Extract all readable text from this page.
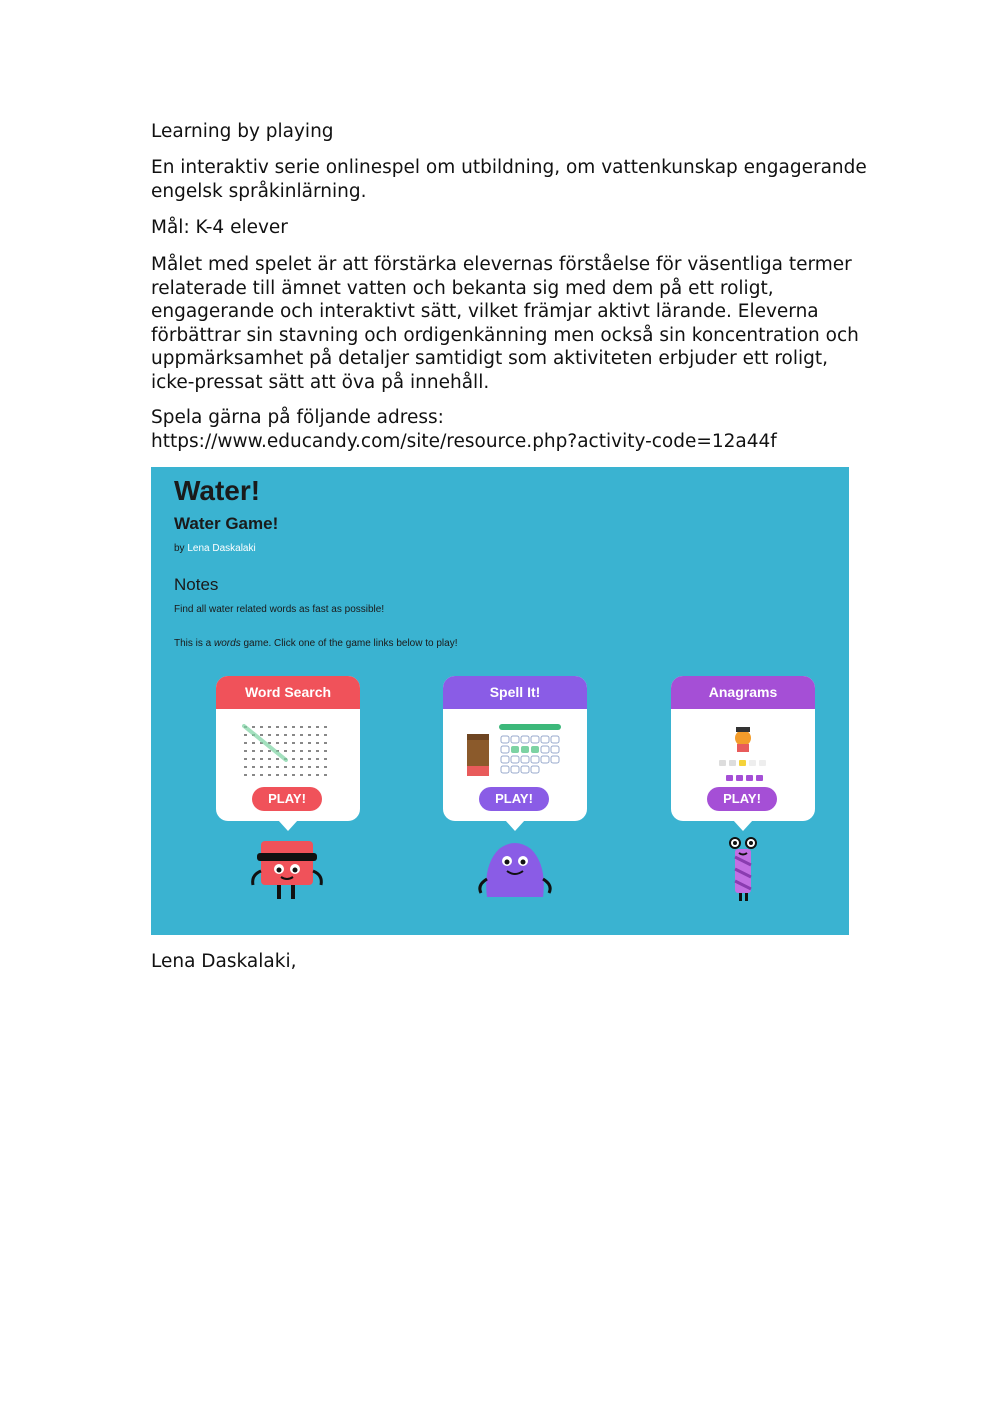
Learning by playing

En interaktiv serie onlinespel om utbildning, om vattenkunskap engagerande engelsk språkinlärning.

Mål: K-4 elever

Målet med spelet är att förstärka elevernas förståelse för väsentliga termer relaterade till ämnet vatten och bekanta sig med dem på ett roligt, engagerande och interaktivt sätt, vilket främjar aktivt lärande. Eleverna förbättrar sin stavning och ordigenkänning men också sin koncentration och uppmärksamhet på detaljer samtidigt som aktiviteten erbjuder ett roligt, icke-pressat sätt att öva på innehåll.

Spela gärna på följande adress:
https://www.educandy.com/site/resource.php?activity-code=12a44f

Water!
Water Game!
by Lena Daskalaki
Notes
Find all water related words as fast as possible!
This is a words game. Click one of the game links below to play!
Word Search
PLAY!
Spell It!
PLAY!
Anagrams
PLAY!

Lena Daskalaki,
